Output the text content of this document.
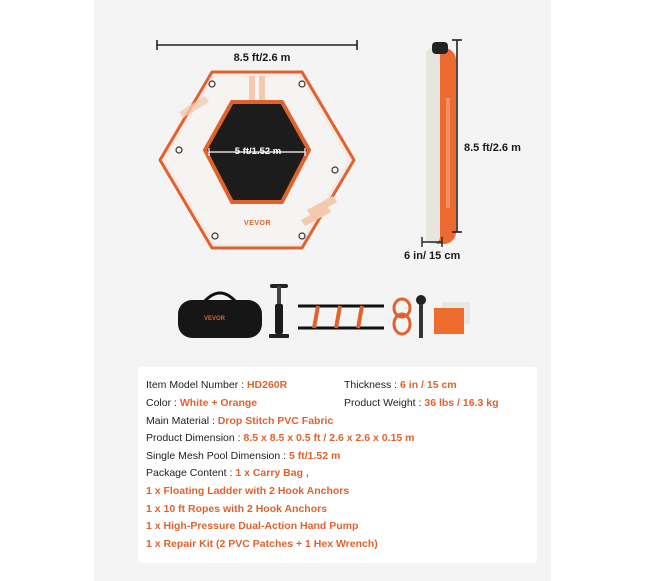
8.5 ft/2.6 m
5 ft/1.52 m
VEVOR
8.5 ft/2.6 m
6 in/ 15 cm
VEVOR
Item Model Number : HD260R
Color : White + Orange
Main Material : Drop Stitch PVC Fabric
Product Dimension : 8.5 x 8.5 x 0.5 ft / 2.6 x 2.6 x 0.15 m
Single Mesh Pool Dimension : 5 ft/1.52 m
Package Content : 1 x Carry Bag ,
1 x Floating Ladder with 2 Hook Anchors
1 x 10 ft Ropes with 2 Hook Anchors
1 x High-Pressure Dual-Action Hand Pump
1 x Repair Kit (2 PVC Patches + 1 Hex Wrench)
Thickness : 6 in / 15 cm
Product Weight : 36 lbs / 16.3 kg
